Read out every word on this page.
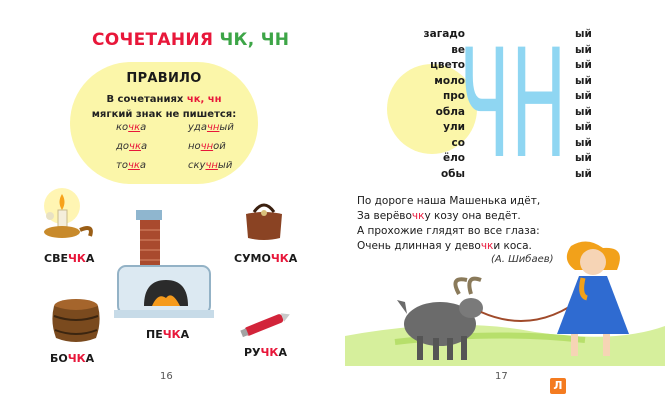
СОЧЕТАНИЯ ЧК, ЧН
ПРАВИЛО
В сочетаниях чк, чн
мягкий знак не пишется:
кочка
дочка
точка
удачный
ночной
скучный
СВЕЧКА
ПЕЧКА
СУМОЧКА
БОЧКА	РУЧКА
16
ЧН
загадо
ве
цвето
моло
про
обла
ули
со
ёло
обы
ый
ый
ый
ый
ый
ый
ый
ый
ый
ый
По дороге наша Машенька идёт,
За верёвочку козу она ведёт.
А прохожие глядят во все глаза:
Очень длинная у девочки коса.
(А. Шибаев)
17
Л
